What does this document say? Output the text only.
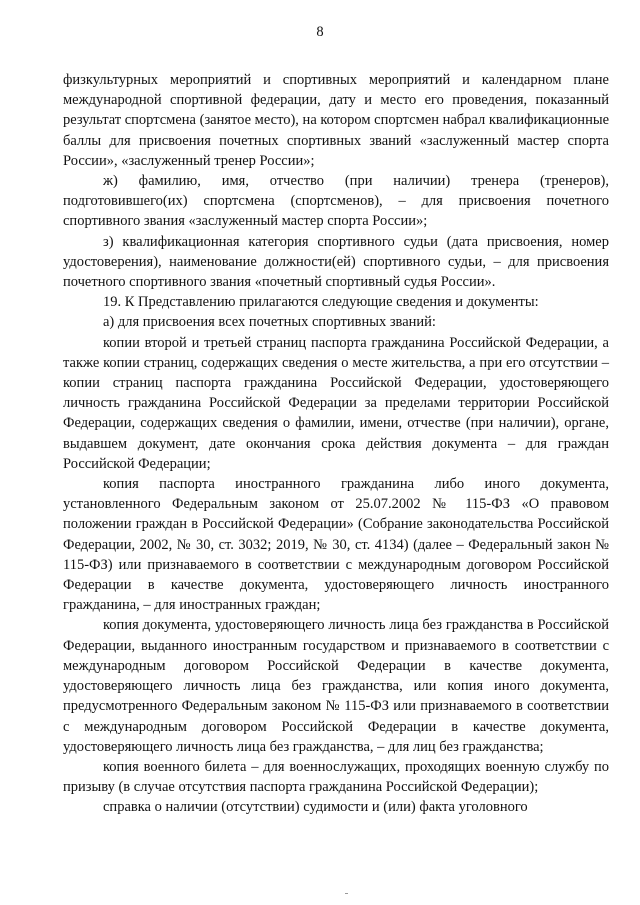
8

физкультурных мероприятий и спортивных мероприятий и календарном плане международной спортивной федерации, дату и место его проведения, показанный результат спортсмена (занятое место), на котором спортсмен набрал квалификационные баллы для присвоения почетных спортивных званий «заслуженный мастер спорта России», «заслуженный тренер России»;

ж) фамилию, имя, отчество (при наличии) тренера (тренеров), подготовившего(их) спортсмена (спортсменов), – для присвоения почетного спортивного звания «заслуженный мастер спорта России»;

з) квалификационная категория спортивного судьи (дата присвоения, номер удостоверения), наименование должности(ей) спортивного судьи, – для присвоения почетного спортивного звания «почетный спортивный судья России».

19. К Представлению прилагаются следующие сведения и документы:

а) для присвоения всех почетных спортивных званий:

копии второй и третьей страниц паспорта гражданина Российской Федерации, а также копии страниц, содержащих сведения о месте жительства, а при его отсутствии – копии страниц паспорта гражданина Российской Федерации, удостоверяющего личность гражданина Российской Федерации за пределами территории Российской Федерации, содержащих сведения о фамилии, имени, отчестве (при наличии), органе, выдавшем документ, дате окончания срока действия документа – для граждан Российской Федерации;

копия паспорта иностранного гражданина либо иного документа, установленного Федеральным законом от 25.07.2002 № 115-ФЗ «О правовом положении граждан в Российской Федерации» (Собрание законодательства Российской Федерации, 2002, № 30, ст. 3032; 2019, № 30, ст. 4134) (далее – Федеральный закон № 115-ФЗ) или признаваемого в соответствии с международным договором Российской Федерации в качестве документа, удостоверяющего личность иностранного гражданина, – для иностранных граждан;

копия документа, удостоверяющего личность лица без гражданства в Российской Федерации, выданного иностранным государством и признаваемого в соответствии с международным договором Российской Федерации в качестве документа, удостоверяющего личность лица без гражданства, или копия иного документа, предусмотренного Федеральным законом № 115-ФЗ или признаваемого в соответствии с международным договором Российской Федерации в качестве документа, удостоверяющего личность лица без гражданства, – для лиц без гражданства;

копия военного билета – для военнослужащих, проходящих военную службу по призыву (в случае отсутствия паспорта гражданина Российской Федерации);

справка о наличии (отсутствии) судимости и (или) факта уголовного
